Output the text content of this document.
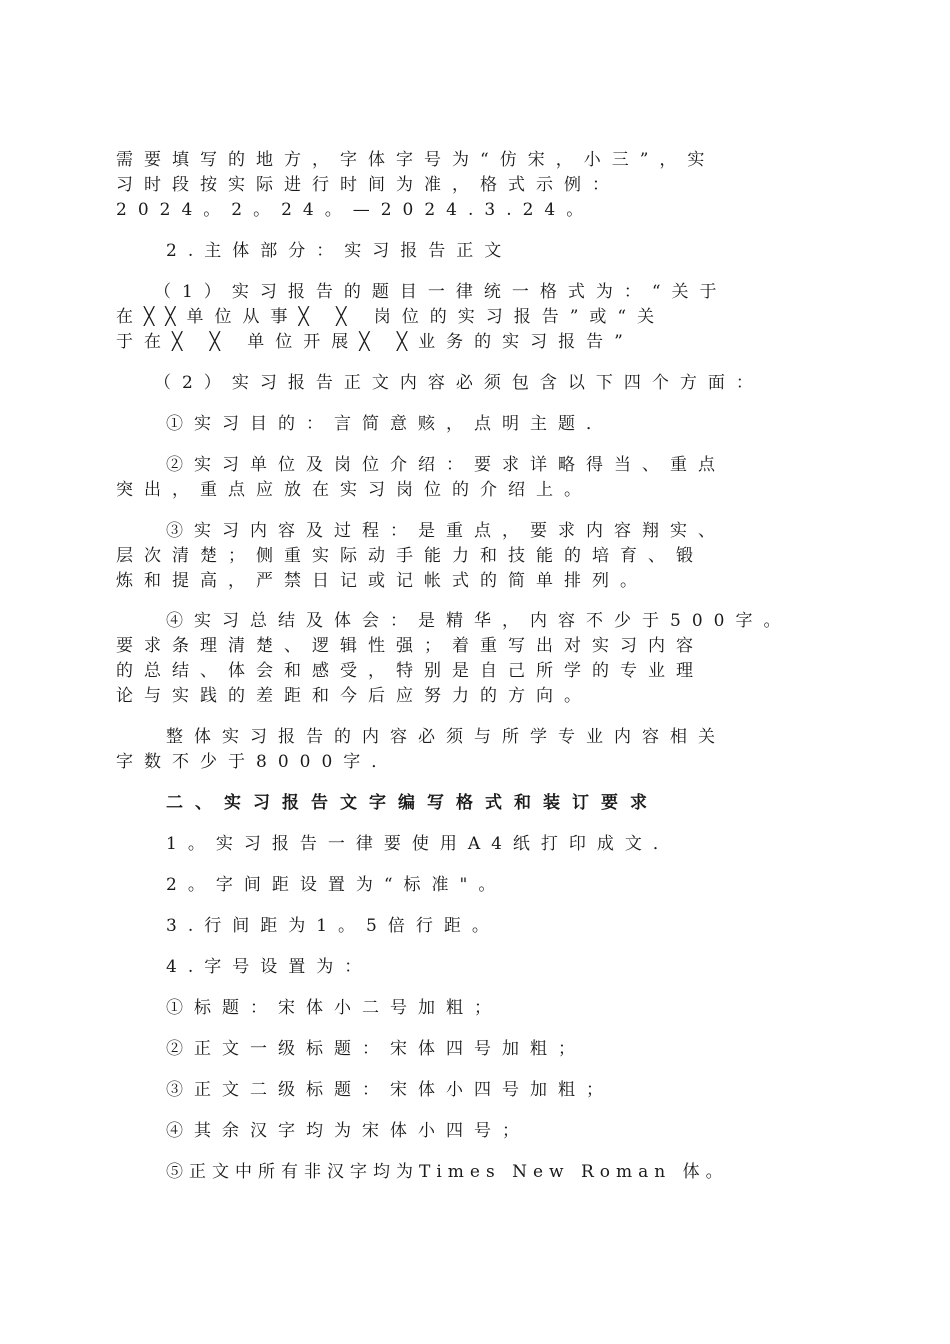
需要填写的地方，字体字号为“仿宋，小三”，实
习时段按实际进行时间为准，格式示例：
2024。2。24。—2024.3.24。
2.主体部分：实习报告正文
（1）实习报告的题目一律统一格式为：“关于
在╳╳单位从事╳ ╳ 岗位的实习报告”或“关
于在╳ ╳ 单位开展╳ ╳业务的实习报告”
（2）实习报告正文内容必须包含以下四个方面：
①实习目的：言简意赅，点明主题．
②实习单位及岗位介绍：要求详略得当、重点
突出，重点应放在实习岗位的介绍上。
③实习内容及过程：是重点，要求内容翔实、
层次清楚；侧重实际动手能力和技能的培育、锻
炼和提高，严禁日记或记帐式的简单排列。
④实习总结及体会：是精华，内容不少于500字。
要求条理清楚、逻辑性强；着重写出对实习内容
的总结、体会和感受，特别是自己所学的专业理
论与实践的差距和今后应努力的方向。
整体实习报告的内容必须与所学专业内容相关
字数不少于8000字．
二、实习报告文字编写格式和装订要求
1。实习报告一律要使用A4纸打印成文．
2。字间距设置为“标准"。
3.行间距为1。5倍行距。
4.字号设置为：
①标题：宋体小二号加粗；
②正文一级标题：宋体四号加粗；
③正文二级标题：宋体小四号加粗；
④其余汉字均为宋体小四号；
⑤正文中所有非汉字均为Times New Roman 体。
